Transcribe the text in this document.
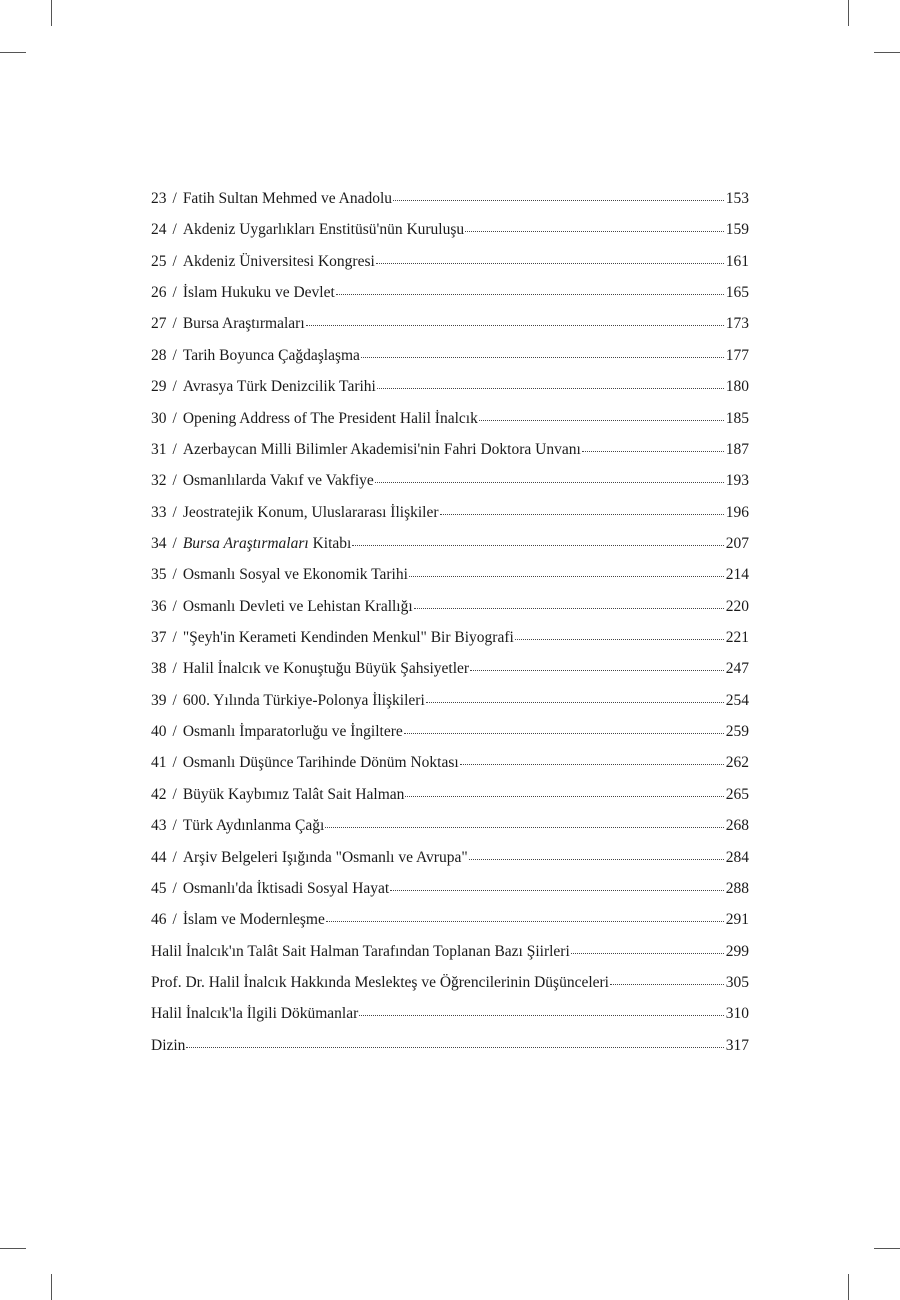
23 / Fatih Sultan Mehmed ve Anadolu	153
24 / Akdeniz Uygarlıkları Enstitüsü'nün Kuruluşu	159
25 / Akdeniz Üniversitesi Kongresi	161
26 / İslam Hukuku ve Devlet	165
27 / Bursa Araştırmaları	173
28 / Tarih Boyunca Çağdaşlaşma	177
29 / Avrasya Türk Denizcilik Tarihi	180
30 / Opening Address of The President Halil İnalcık	185
31 / Azerbaycan Milli Bilimler Akademisi'nin Fahri Doktora Unvanı	187
32 / Osmanlılarda Vakıf ve Vakfiye	193
33 / Jeostratejik Konum, Uluslararası İlişkiler	196
34 / Bursa Araştırmaları Kitabı	207
35 / Osmanlı Sosyal ve Ekonomik Tarihi	214
36 / Osmanlı Devleti ve Lehistan Krallığı	220
37 / "Şeyh'in Kerameti Kendinden Menkul" Bir Biyografi	221
38 / Halil İnalcık ve Konuştuğu Büyük Şahsiyetler	247
39 / 600. Yılında Türkiye-Polonya İlişkileri	254
40 / Osmanlı İmparatorluğu ve İngiltere	259
41 / Osmanlı Düşünce Tarihinde Dönüm Noktası	262
42 / Büyük Kaybımız Talât Sait Halman	265
43 / Türk Aydınlanma Çağı	268
44 / Arşiv Belgeleri Işığında "Osmanlı ve Avrupa"	284
45 / Osmanlı'da İktisadi Sosyal Hayat	288
46 / İslam ve Modernleşme	291
Halil İnalcık'ın Talât Sait Halman Tarafından Toplanan Bazı Şiirleri	299
Prof. Dr. Halil İnalcık Hakkında Meslekteş ve Öğrencilerinin Düşünceleri	305
Halil İnalcık'la İlgili Dökümanlar	310
Dizin	317
